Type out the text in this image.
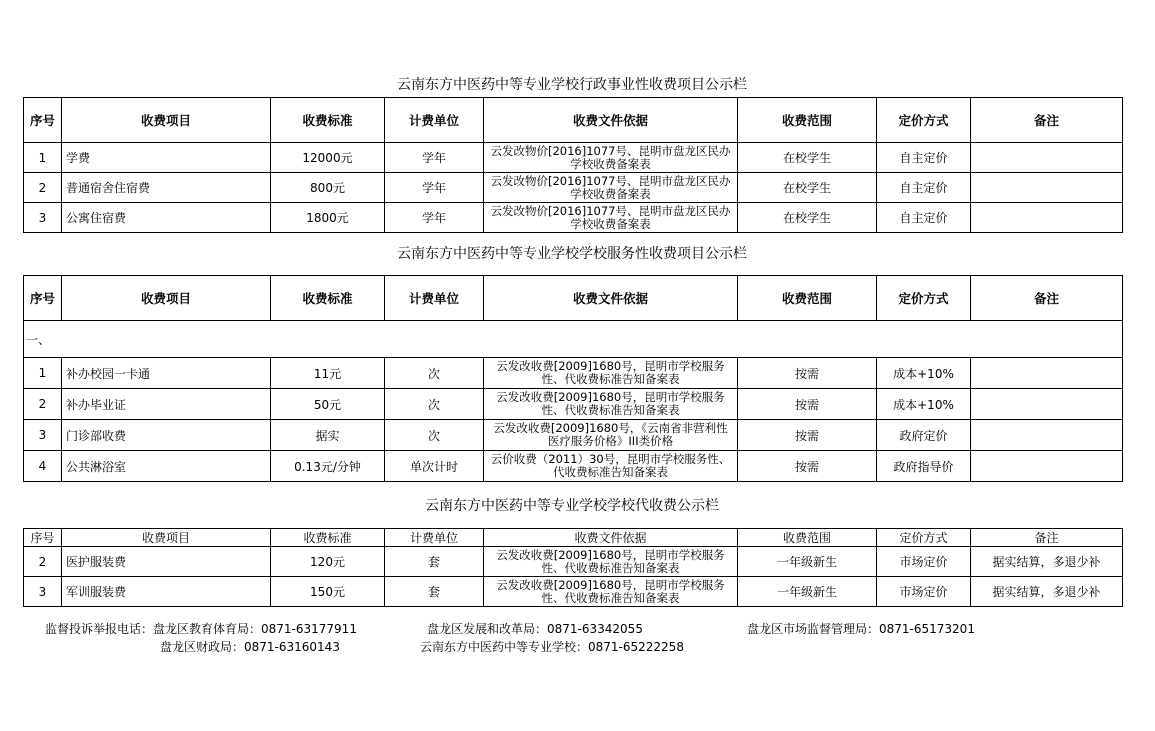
云南东方中医药中等专业学校行政事业性收费项目公示栏
序号	收费项目	收费标准	计费单位	收费文件依据	收费范围	定价方式	备注
1	学费	12000元	学年	云发改物价[2016]1077号、昆明市盘龙区民办学校收费备案表	在校学生	自主定价	
2	普通宿舍住宿费	800元	学年	云发改物价[2016]1077号、昆明市盘龙区民办学校收费备案表	在校学生	自主定价	
3	公寓住宿费	1800元	学年	云发改物价[2016]1077号、昆明市盘龙区民办学校收费备案表	在校学生	自主定价	
云南东方中医药中等专业学校学校服务性收费项目公示栏
序号	收费项目	收费标准	计费单位	收费文件依据	收费范围	定价方式	备注
一、							
1	补办校园一卡通	11元	次	云发改收费[2009]1680号，昆明市学校服务性、代收费标准告知备案表	按需	成本+10%	
2	补办毕业证	50元	次	云发改收费[2009]1680号，昆明市学校服务性、代收费标准告知备案表	按需	成本+10%	
3	门诊部收费	据实	次	云发改收费[2009]1680号，《云南省非营利性医疗服务价格》III类价格	按需	政府定价	
4	公共淋浴室	0.13元/分钟	单次计时	云价收费（2011）30号，昆明市学校服务性、代收费标准告知备案表	按需	政府指导价	
云南东方中医药中等专业学校学校代收费公示栏
序号	收费项目	收费标准	计费单位	收费文件依据	收费范围	定价方式	备注
2	医护服装费	120元	套	云发改收费[2009]1680号，昆明市学校服务性、代收费标准告知备案表	一年级新生	市场定价	据实结算，多退少补
3	军训服装费	150元	套	云发改收费[2009]1680号，昆明市学校服务性、代收费标准告知备案表	一年级新生	市场定价	据实结算，多退少补
监督投诉举报电话：盘龙区教育体育局：0871-63177911	盘龙区发展和改革局：0871-63342055	盘龙区市场监督管理局：0871-65173201
盘龙区财政局：0871-63160143	云南东方中医药中等专业学校：0871-65222258
